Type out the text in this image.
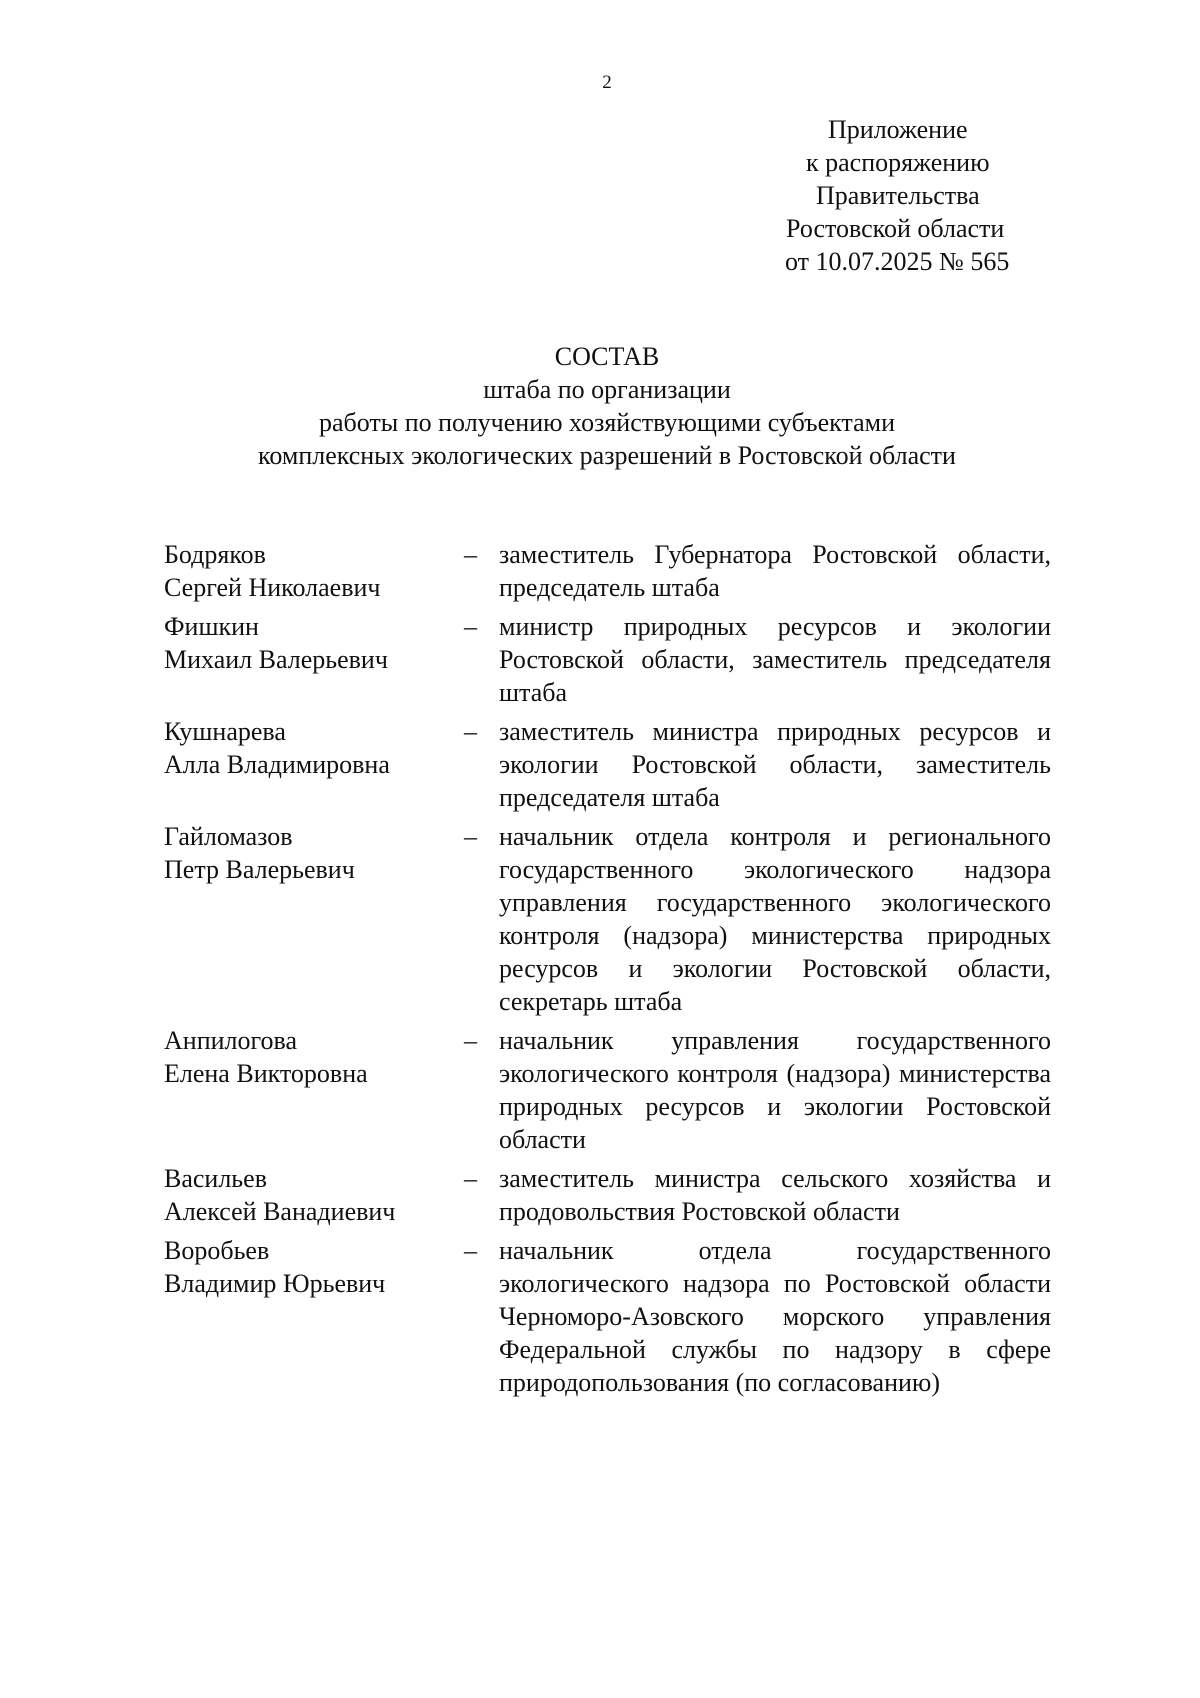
2
Приложение
к распоряжению
Правительства
Ростовской области
от 10.07.2025 № 565
СОСТАВ
штаба по организации
работы по получению хозяйствующими субъектами
комплексных экологических разрешений в Ростовской области
Бодряков
Сергей Николаевич
– заместитель Губернатора Ростовской области, председатель штаба
Фишкин
Михаил Валерьевич
– министр природных ресурсов и экологии Ростовской области, заместитель председателя штаба
Кушнарева
Алла Владимировна
– заместитель министра природных ресурсов и экологии Ростовской области, заместитель председателя штаба
Гайломазов
Петр Валерьевич
– начальник отдела контроля и регионального государственного экологического надзора управления государственного экологического контроля (надзора) министерства природных ресурсов и экологии Ростовской области, секретарь штаба
Анпилогова
Елена Викторовна
– начальник управления государственного экологического контроля (надзора) министерства природных ресурсов и экологии Ростовской области
Васильев
Алексей Ванадиевич
– заместитель министра сельского хозяйства и продовольствия Ростовской области
Воробьев
Владимир Юрьевич
– начальник отдела государственного экологического надзора по Ростовской области Черноморо-Азовского морского управления Федеральной службы по надзору в сфере природопользования (по согласованию)
